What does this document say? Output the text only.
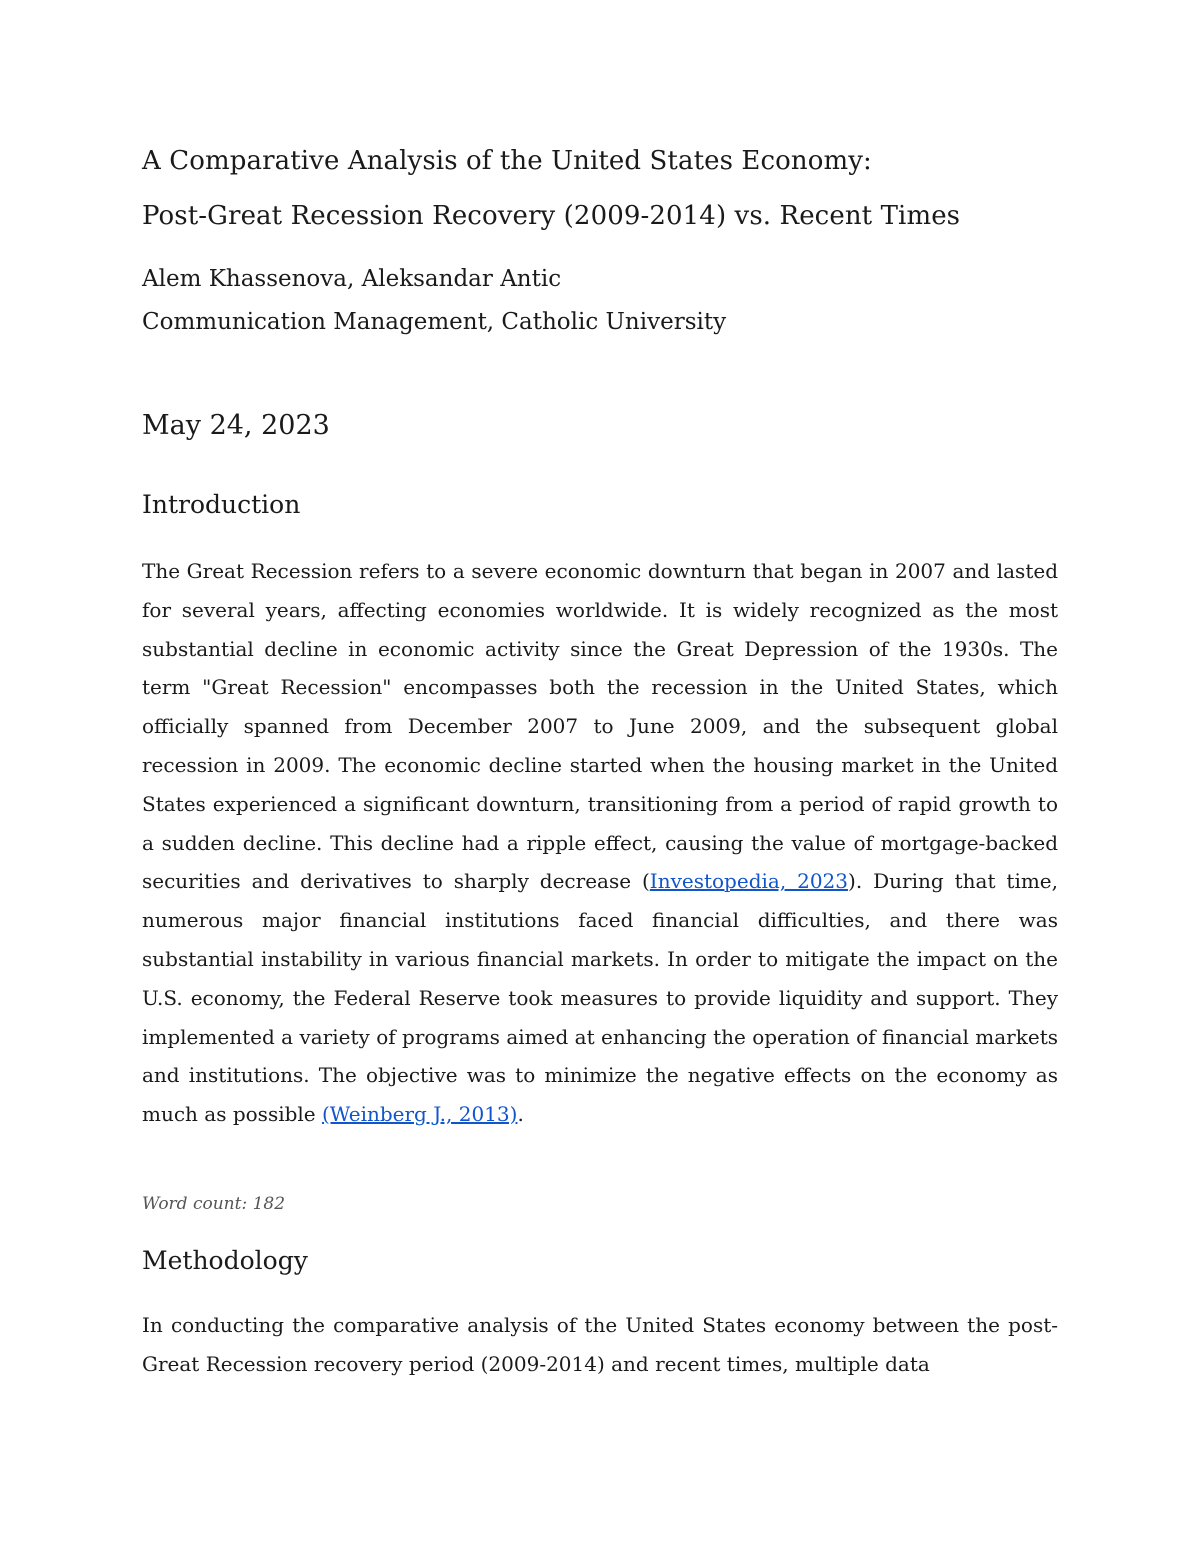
A Comparative Analysis of the United States Economy:
Post-Great Recession Recovery (2009-2014) vs. Recent Times
Alem Khassenova, Aleksandar Antic
Communication Management, Catholic University
May 24, 2023
Introduction

The Great Recession refers to a severe economic downturn that began in 2007 and lasted for several years, affecting economies worldwide. It is widely recognized as the most substantial decline in economic activity since the Great Depression of the 1930s. The term "Great Recession" encompasses both the recession in the United States, which officially spanned from December 2007 to June 2009, and the subsequent global recession in 2009. The economic decline started when the housing market in the United States experienced a significant downturn, transitioning from a period of rapid growth to a sudden decline. This decline had a ripple effect, causing the value of mortgage-backed securities and derivatives to sharply decrease (Investopedia, 2023). During that time, numerous major financial institutions faced financial difficulties, and there was substantial instability in various financial markets. In order to mitigate the impact on the U.S. economy, the Federal Reserve took measures to provide liquidity and support. They implemented a variety of programs aimed at enhancing the operation of financial markets and institutions. The objective was to minimize the negative effects on the economy as much as possible (Weinberg J., 2013).

Word count: 182
Methodology

In conducting the comparative analysis of the United States economy between the post-Great Recession recovery period (2009-2014) and recent times, multiple data
